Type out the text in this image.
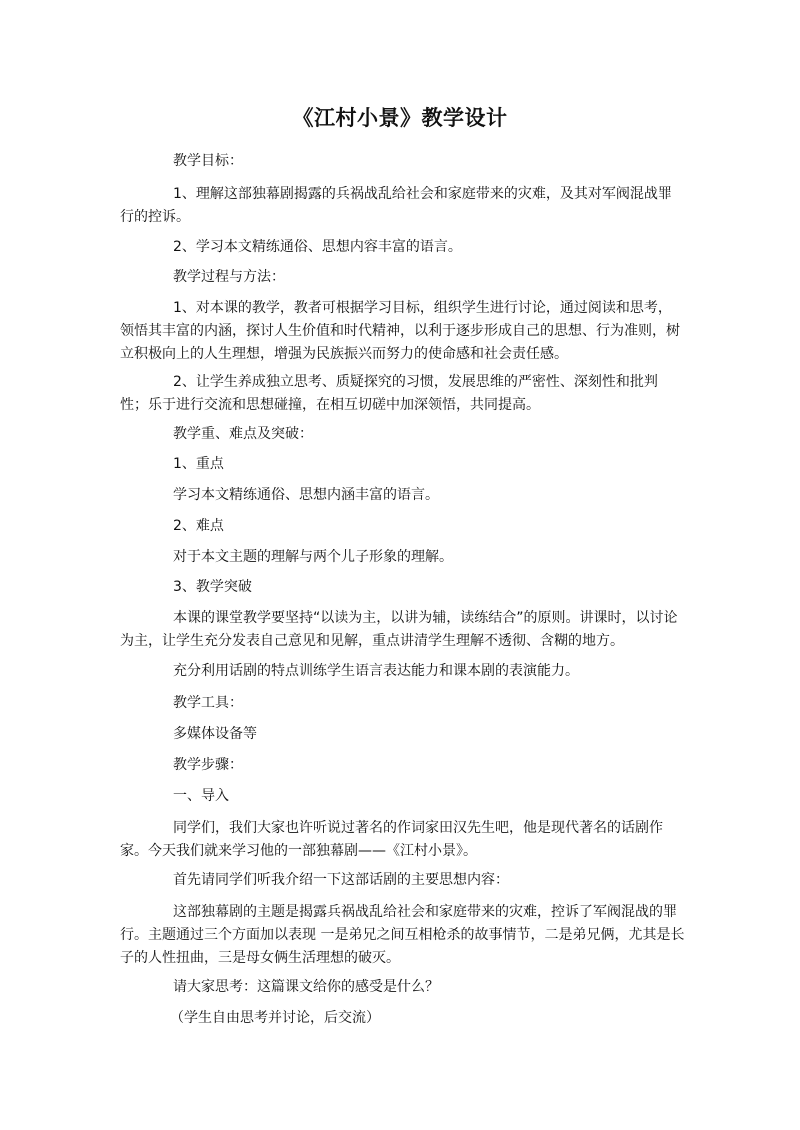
《江村小景》教学设计

教学目标：

1、理解这部独幕剧揭露的兵祸战乱给社会和家庭带来的灾难，及其对军阀混战罪行的控诉。

2、学习本文精练通俗、思想内容丰富的语言。

教学过程与方法：

1、对本课的教学，教者可根据学习目标，组织学生进行讨论，通过阅读和思考，领悟其丰富的内涵，探讨人生价值和时代精神，以利于逐步形成自己的思想、行为准则，树立积极向上的人生理想，增强为民族振兴而努力的使命感和社会责任感。

2、让学生养成独立思考、质疑探究的习惯，发展思维的严密性、深刻性和批判性；乐于进行交流和思想碰撞，在相互切磋中加深领悟，共同提高。

教学重、难点及突破：

1、重点

学习本文精练通俗、思想内涵丰富的语言。

2、难点

对于本文主题的理解与两个儿子形象的理解。

3、教学突破

本课的课堂教学要坚持“以读为主，以讲为辅，读练结合”的原则。讲课时，以讨论为主，让学生充分发表自己意见和见解，重点讲清学生理解不透彻、含糊的地方。

充分利用话剧的特点训练学生语言表达能力和课本剧的表演能力。

教学工具：

多媒体设备等

教学步骤：

一、导入

同学们，我们大家也许听说过著名的作词家田汉先生吧，他是现代著名的话剧作家。今天我们就来学习他的一部独幕剧——《江村小景》。

首先请同学们听我介绍一下这部话剧的主要思想内容：

这部独幕剧的主题是揭露兵祸战乱给社会和家庭带来的灾难，控诉了军阀混战的罪行。主题通过三个方面加以表现 一是弟兄之间互相枪杀的故事情节，二是弟兄俩，尤其是长子的人性扭曲，三是母女俩生活理想的破灭。

请大家思考：这篇课文给你的感受是什么？

（学生自由思考并讨论，后交流）
